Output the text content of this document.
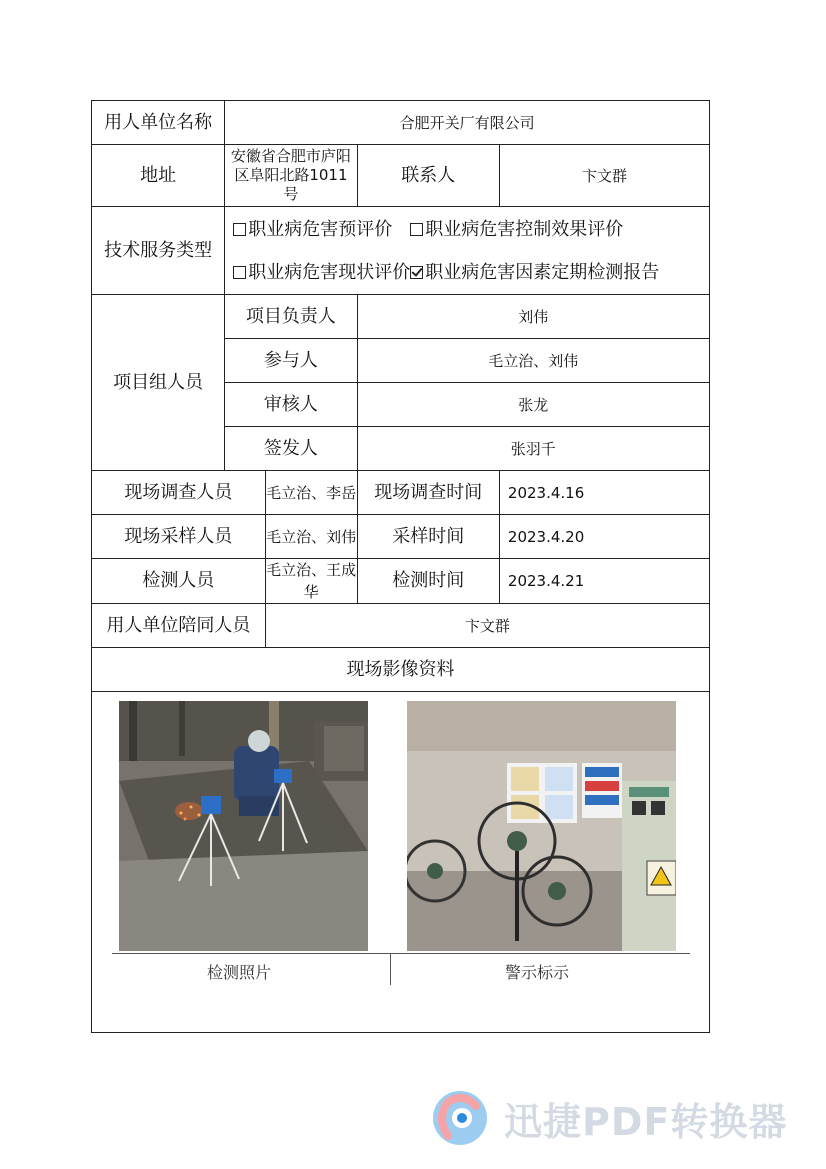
用人单位名称	合肥开关厂有限公司			
地址	安徽省合肥市庐阳区阜阳北路1011号		联系人	卞文群
技术服务类型	职业病危害预评价 职业病危害控制效果评价
职业病危害现状评价 职业病危害因素定期检测报告			

项目组人员	项目负责人		刘伟	
	参与人		毛立治、刘伟	
	审核人		张龙	
	签发人		张羽千	
现场调查人员		毛立治、李岳	现场调查时间	2023.4.16
现场采样人员		毛立治、刘伟	采样时间	2023.4.20
检测人员		毛立治、王成华	检测时间	2023.4.21
用人单位陪同人员		卞文群		
现场影像资料				

检测照片 警示标示				
迅捷PDF转换器
